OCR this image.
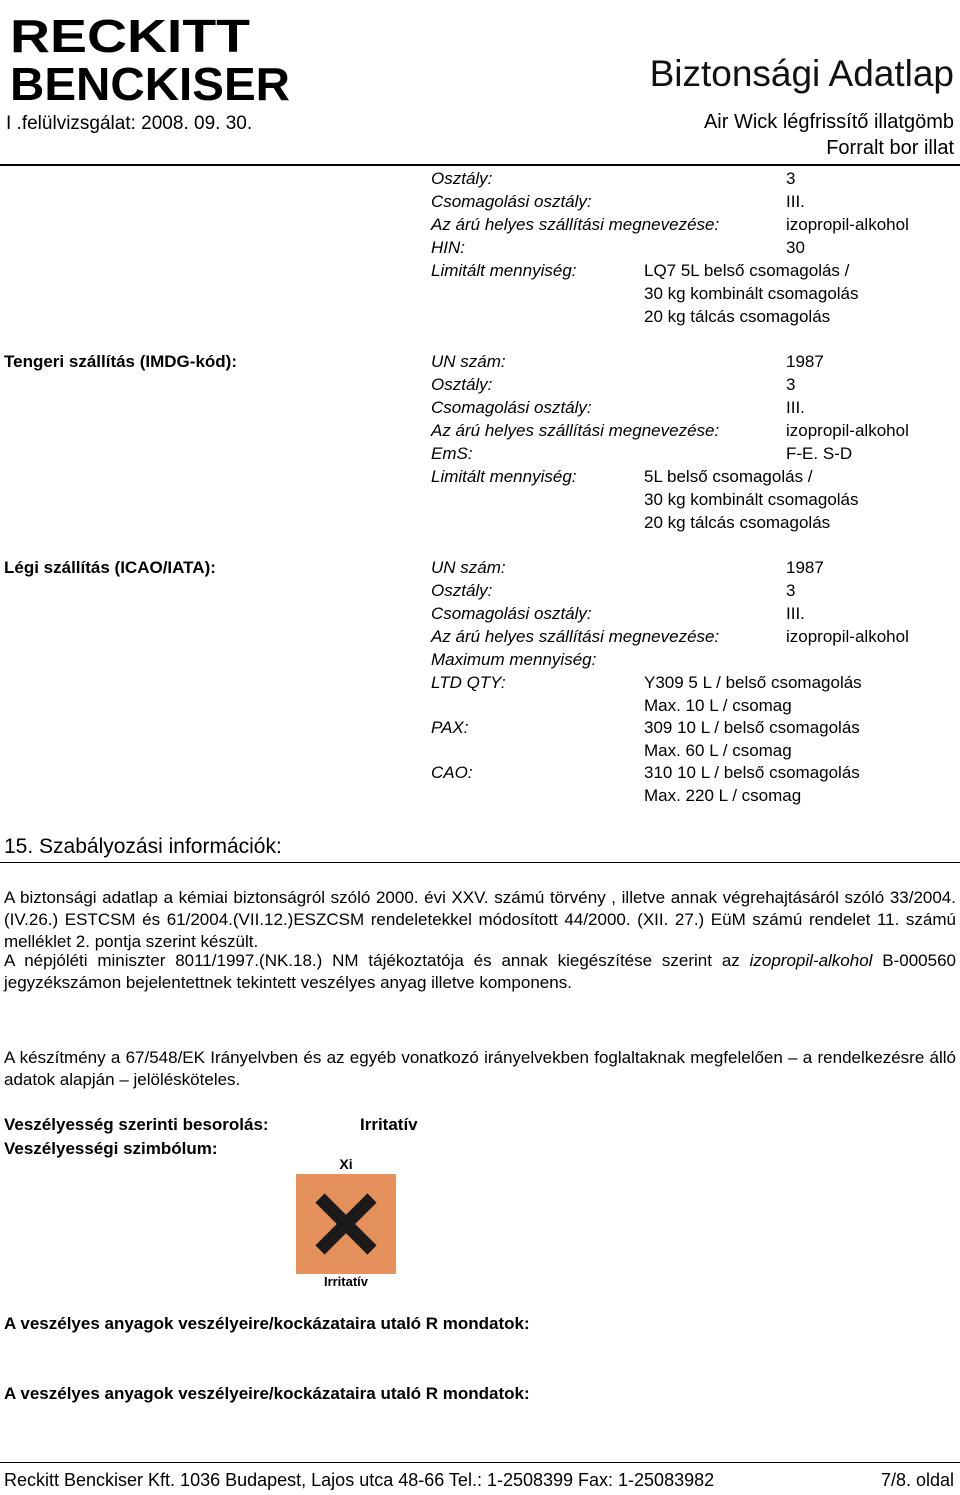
RECKITT
BENCKISER	Biztonsági Adatlap
I .felülvizsgálat: 2008. 09. 30.	Air Wick légfrissítő illatgömb
Forralt bor illat
Osztály:	3
Csomagolási osztály:	III.
Az árú helyes szállítási megnevezése:	izopropil-alkohol
HIN:	30
Limitált mennyiség:	LQ7 5L belső csomagolás /
30 kg kombinált csomagolás
20 kg tálcás csomagolás
Tengeri szállítás (IMDG-kód):	UN szám:	1987
Osztály:	3
Csomagolási osztály:	III.
Az árú helyes szállítási megnevezése:	izopropil-alkohol
EmS:	F-E. S-D
Limitált mennyiség:	5L belső csomagolás /
30 kg kombinált csomagolás
20 kg tálcás csomagolás
Légi szállítás (ICAO/IATA):	UN szám:	1987
Osztály:	3
Csomagolási osztály:	III.
Az árú helyes szállítási megnevezése:	izopropil-alkohol
Maximum mennyiség:
LTD QTY:	Y309 5 L / belső csomagolás
Max. 10 L / csomag
PAX:	309 10 L / belső csomagolás
Max. 60 L / csomag
CAO:	310 10 L / belső csomagolás
Max. 220 L / csomag
15. Szabályozási információk:
A biztonsági adatlap a kémiai biztonságról szóló 2000. évi XXV. számú törvény , illetve annak végrehajtásáról szóló 33/2004.(IV.26.) ESTCSM és 61/2004.(VII.12.)ESZCSM rendeletekkel módosított 44/2000. (XII. 27.) EüM számú rendelet 11. számú melléklet 2. pontja szerint készült.
A népjóléti miniszter 8011/1997.(NK.18.) NM tájékoztatója és annak kiegészítése szerint az izopropil-alkohol B-000560 jegyzékszámon bejelentettnek tekintett veszélyes anyag illetve komponens.
A készítmény a 67/548/EK Irányelvben és az egyéb vonatkozó irányelvekben foglaltaknak megfelelően – a rendelkezésre álló adatok alapján – jelölésköteles.
Veszélyesség szerinti besorolás:	Irritatív
Veszélyességi szimbólum:
Xi
Irritatív
A veszélyes anyagok veszélyeire/kockázataira utaló R mondatok:
A veszélyes anyagok veszélyeire/kockázataira utaló R mondatok:
Reckitt Benckiser Kft. 1036 Budapest, Lajos utca 48-66 Tel.: 1-2508399 Fax: 1-25083982	7/8. oldal
